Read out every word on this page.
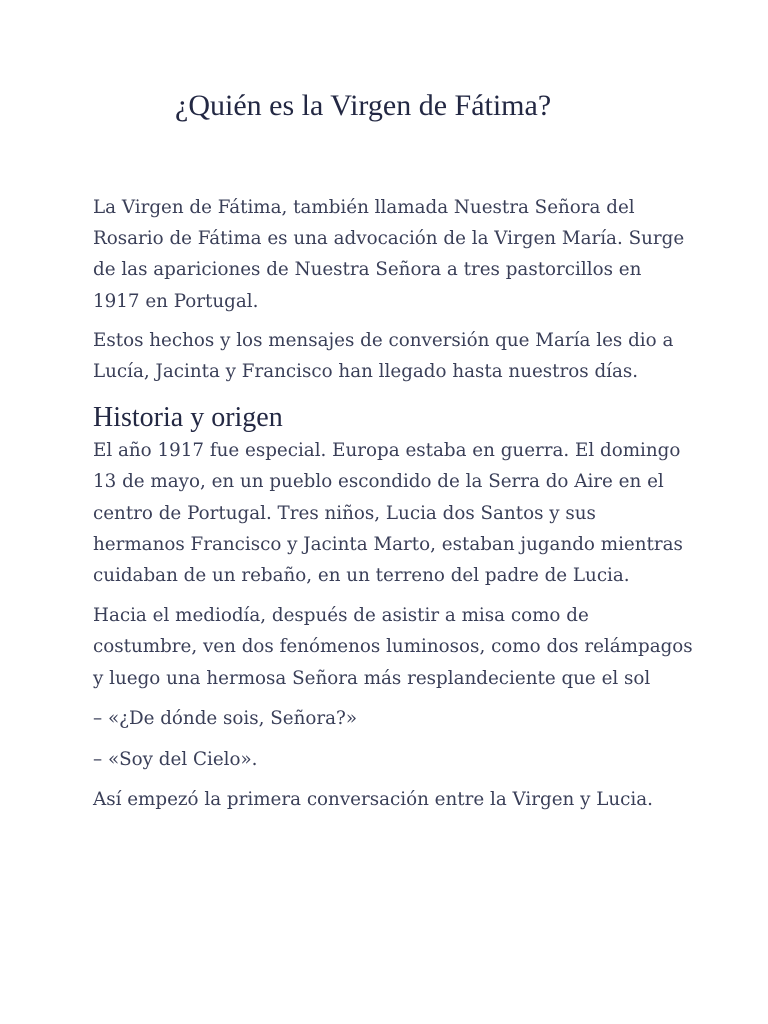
¿Quién es la Virgen de Fátima?

La Virgen de Fátima, también llamada Nuestra Señora del Rosario de Fátima es una advocación de la Virgen María. Surge de las apariciones de Nuestra Señora a tres pastorcillos en 1917 en Portugal.

Estos hechos y los mensajes de conversión que María les dio a Lucía, Jacinta y Francisco han llegado hasta nuestros días.

Historia y origen

El año 1917 fue especial. Europa estaba en guerra. El domingo 13 de mayo, en un pueblo escondido de la Serra do Aire en el centro de Portugal. Tres niños, Lucia dos Santos y sus hermanos Francisco y Jacinta Marto, estaban jugando mientras cuidaban de un rebaño, en un terreno del padre de Lucia.

Hacia el mediodía, después de asistir a misa como de costumbre, ven dos fenómenos luminosos, como dos relámpagos y luego una hermosa Señora más resplandeciente que el sol

– «¿De dónde sois, Señora?»

– «Soy del Cielo».

Así empezó la primera conversación entre la Virgen y Lucia.
